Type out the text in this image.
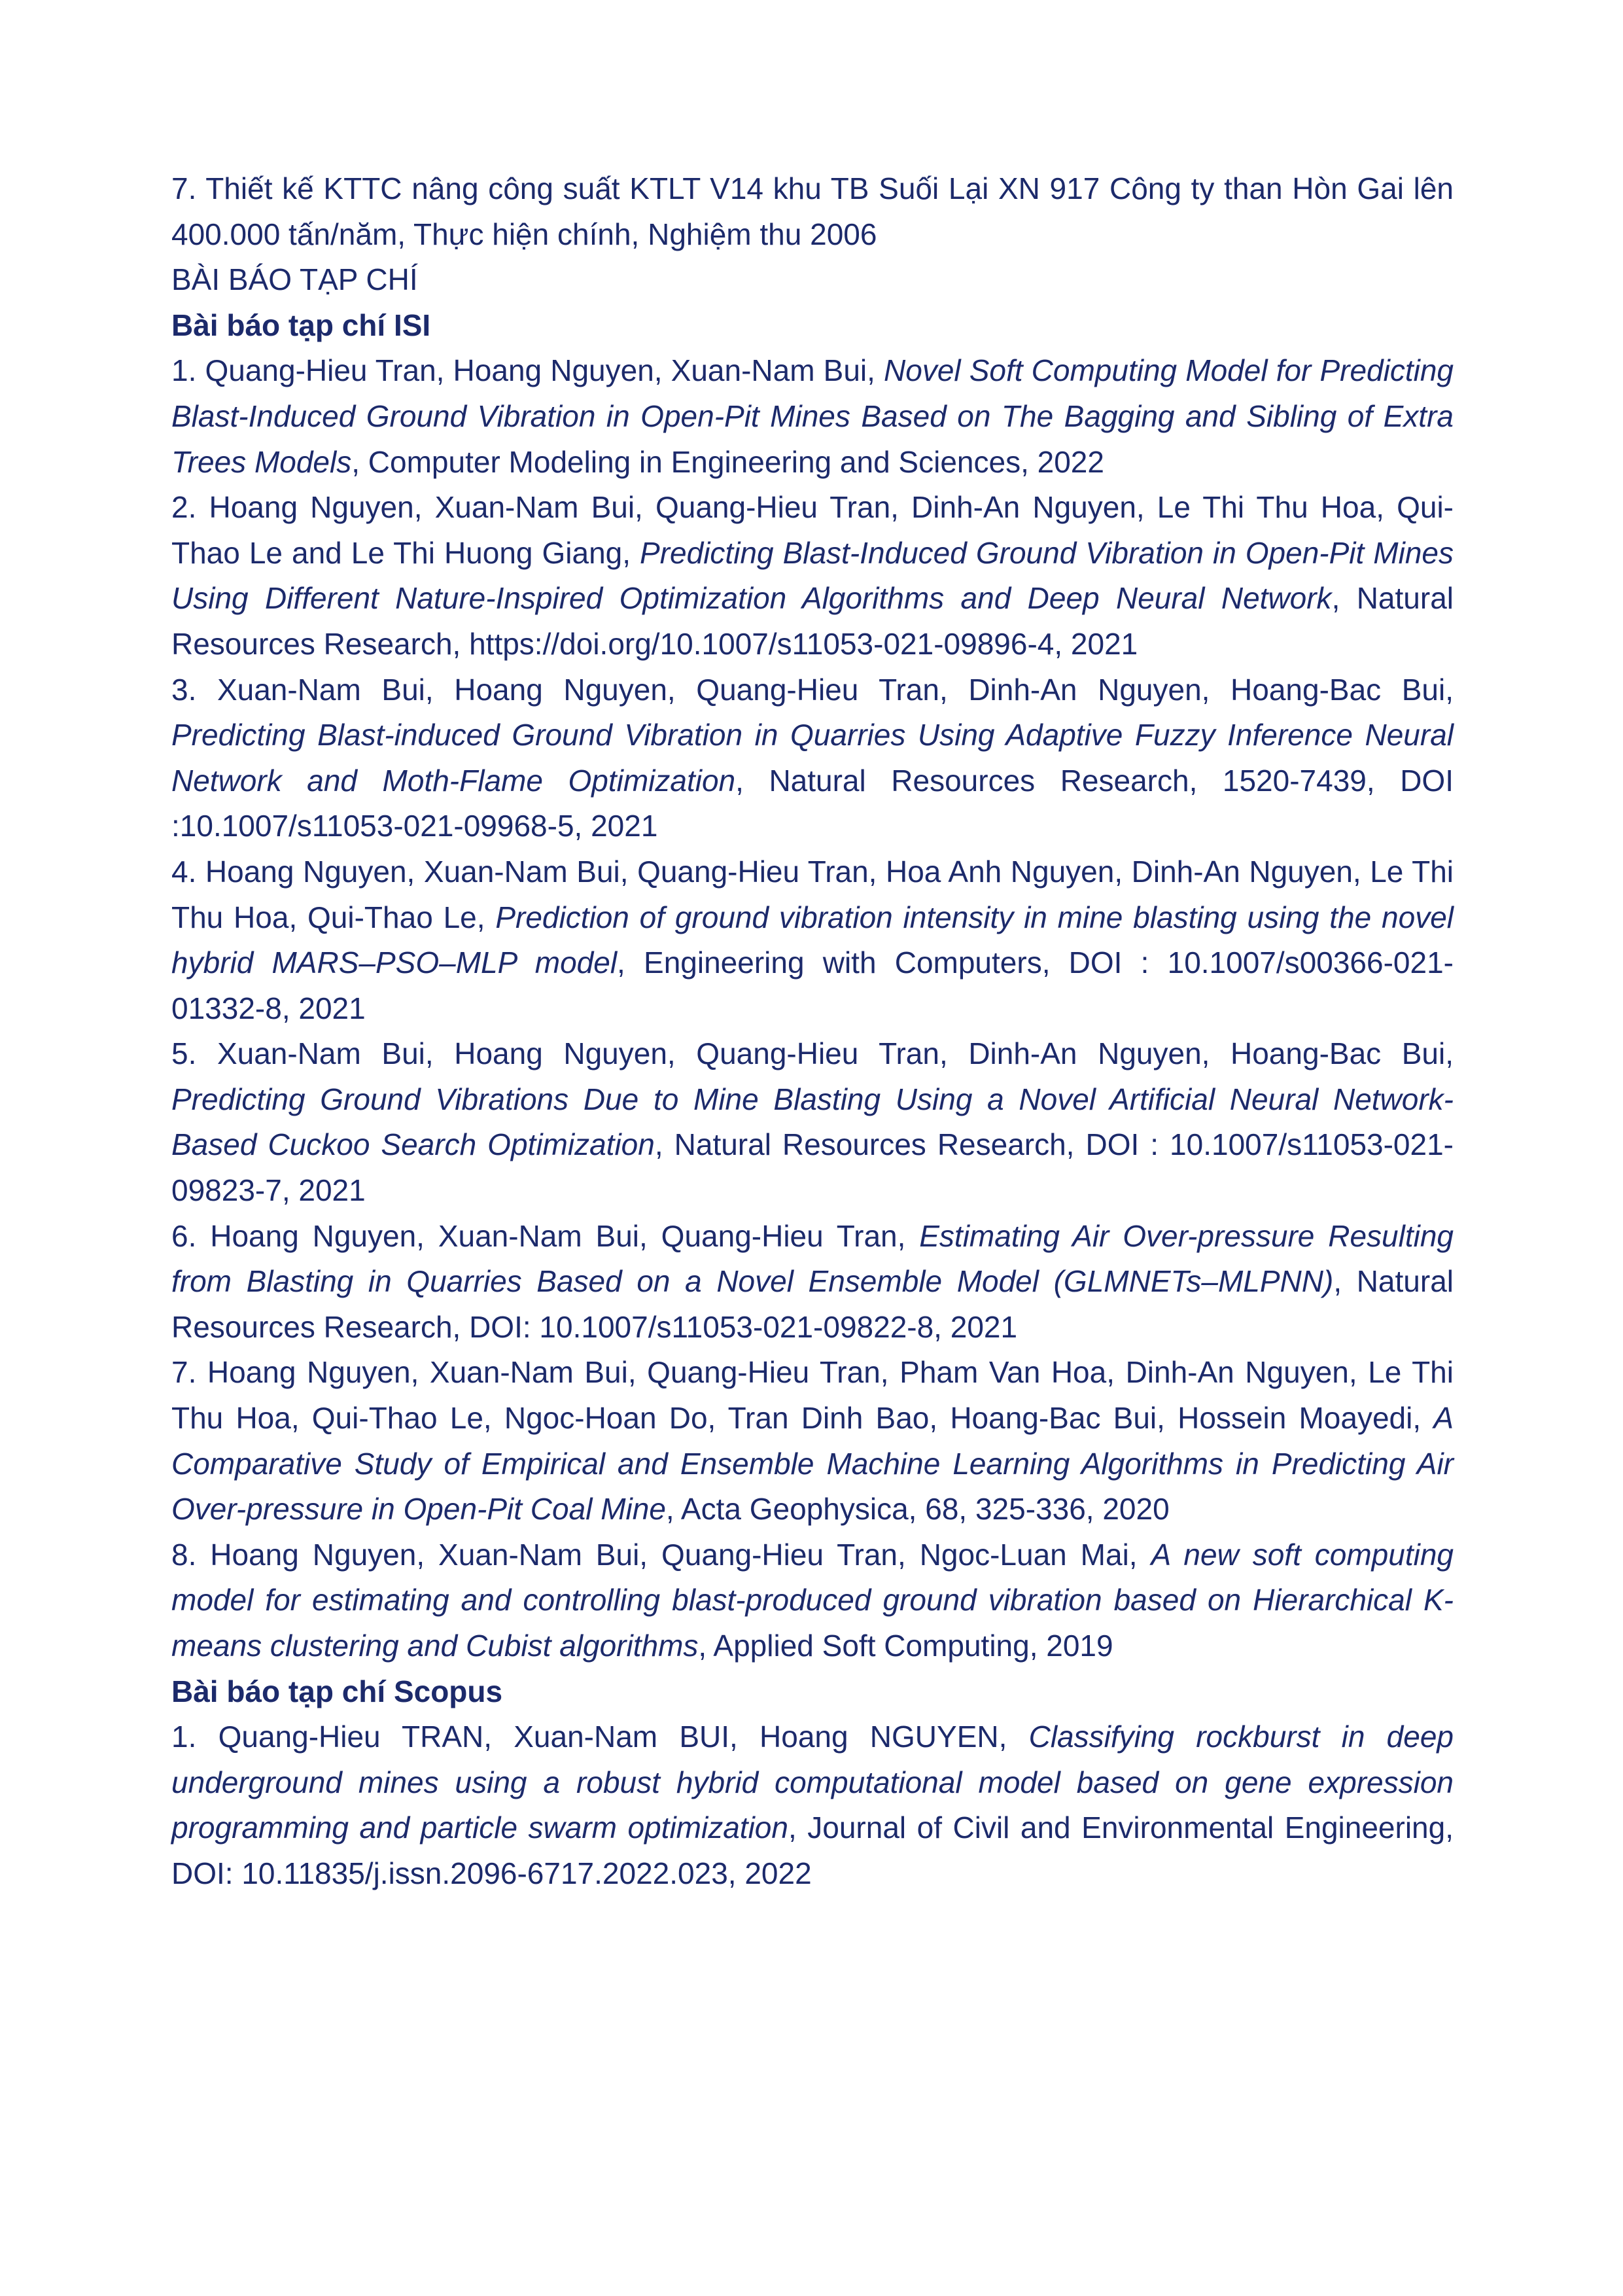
7. Thiết kế KTTC nâng công suất KTLT V14 khu TB Suối Lại XN 917 Công ty than Hòn Gai lên 400.000 tấn/năm, Thực hiện chính, Nghiệm thu 2006

BÀI BÁO TẠP CHÍ

Bài báo tạp chí ISI

1. Quang-Hieu Tran, Hoang Nguyen, Xuan-Nam Bui, Novel Soft Computing Model for Predicting Blast-Induced Ground Vibration in Open-Pit Mines Based on The Bagging and Sibling of Extra Trees Models, Computer Modeling in Engineering and Sciences, 2022

2. Hoang Nguyen, Xuan-Nam Bui, Quang-Hieu Tran, Dinh-An Nguyen, Le Thi Thu Hoa, Qui-Thao Le and Le Thi Huong Giang, Predicting Blast-Induced Ground Vibration in Open-Pit Mines Using Different Nature-Inspired Optimization Algorithms and Deep Neural Network, Natural Resources Research, https://doi.org/10.1007/s11053-021-09896-4, 2021

3. Xuan-Nam Bui, Hoang Nguyen, Quang-Hieu Tran, Dinh-An Nguyen, Hoang-Bac Bui, Predicting Blast-induced Ground Vibration in Quarries Using Adaptive Fuzzy Inference Neural Network and Moth-Flame Optimization, Natural Resources Research, 1520-7439, DOI :10.1007/s11053-021-09968-5, 2021

4. Hoang Nguyen, Xuan-Nam Bui, Quang-Hieu Tran, Hoa Anh Nguyen, Dinh-An Nguyen, Le Thi Thu Hoa, Qui-Thao Le, Prediction of ground vibration intensity in mine blasting using the novel hybrid MARS–PSO–MLP model, Engineering with Computers, DOI : 10.1007/s00366-021-01332-8, 2021

5. Xuan-Nam Bui, Hoang Nguyen, Quang-Hieu Tran, Dinh-An Nguyen, Hoang-Bac Bui, Predicting Ground Vibrations Due to Mine Blasting Using a Novel Artificial Neural Network-Based Cuckoo Search Optimization, Natural Resources Research, DOI : 10.1007/s11053-021-09823-7, 2021

6. Hoang Nguyen, Xuan-Nam Bui, Quang-Hieu Tran, Estimating Air Over-pressure Resulting from Blasting in Quarries Based on a Novel Ensemble Model (GLMNETs–MLPNN), Natural Resources Research, DOI: 10.1007/s11053-021-09822-8, 2021

7. Hoang Nguyen, Xuan-Nam Bui, Quang-Hieu Tran, Pham Van Hoa, Dinh-An Nguyen, Le Thi Thu Hoa, Qui-Thao Le, Ngoc-Hoan Do, Tran Dinh Bao, Hoang-Bac Bui, Hossein Moayedi, A Comparative Study of Empirical and Ensemble Machine Learning Algorithms in Predicting Air Over-pressure in Open-Pit Coal Mine, Acta Geophysica, 68, 325-336, 2020

8. Hoang Nguyen, Xuan-Nam Bui, Quang-Hieu Tran, Ngoc-Luan Mai, A new soft computing model for estimating and controlling blast-produced ground vibration based on Hierarchical K-means clustering and Cubist algorithms, Applied Soft Computing, 2019

Bài báo tạp chí Scopus

1. Quang-Hieu TRAN, Xuan-Nam BUI, Hoang NGUYEN, Classifying rockburst in deep underground mines using a robust hybrid computational model based on gene expression programming and particle swarm optimization, Journal of Civil and Environmental Engineering, DOI: 10.11835/j.issn.2096-6717.2022.023, 2022
